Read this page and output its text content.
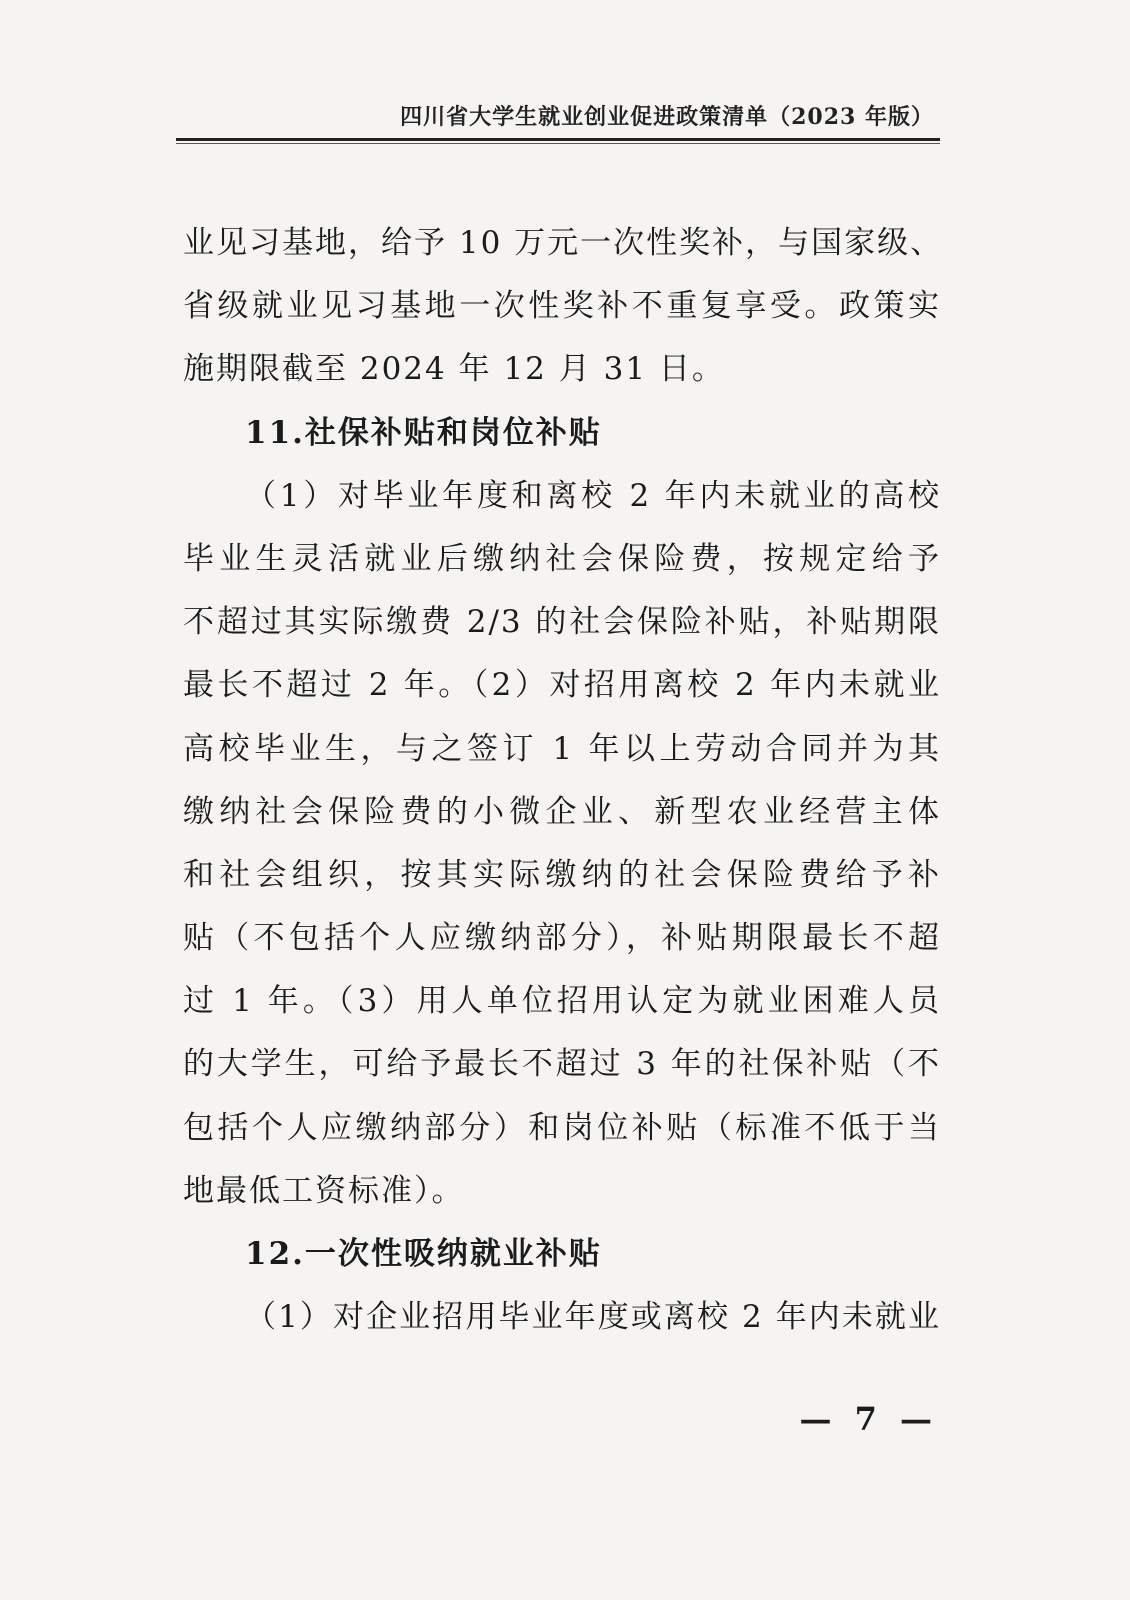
四川省大学生就业创业促进政策清单（2023 年版）
业见习基地，给予 10 万元一次性奖补，与国家级、
省级就业见习基地一次性奖补不重复享受。政策实
施期限截至 2024 年 12 月 31 日。
11.社保补贴和岗位补贴
（1）对毕业年度和离校 2 年内未就业的高校
毕业生灵活就业后缴纳社会保险费，按规定给予
不超过其实际缴费 2/3 的社会保险补贴，补贴期限
最长不超过 2 年。（2）对招用离校 2 年内未就业
高校毕业生，与之签订 1 年以上劳动合同并为其
缴纳社会保险费的小微企业、新型农业经营主体
和社会组织，按其实际缴纳的社会保险费给予补
贴（不包括个人应缴纳部分），补贴期限最长不超
过 1 年。（3）用人单位招用认定为就业困难人员
的大学生，可给予最长不超过 3 年的社保补贴（不
包括个人应缴纳部分）和岗位补贴（标准不低于当
地最低工资标准）。
12.一次性吸纳就业补贴
（1）对企业招用毕业年度或离校 2 年内未就业
— 7 —
